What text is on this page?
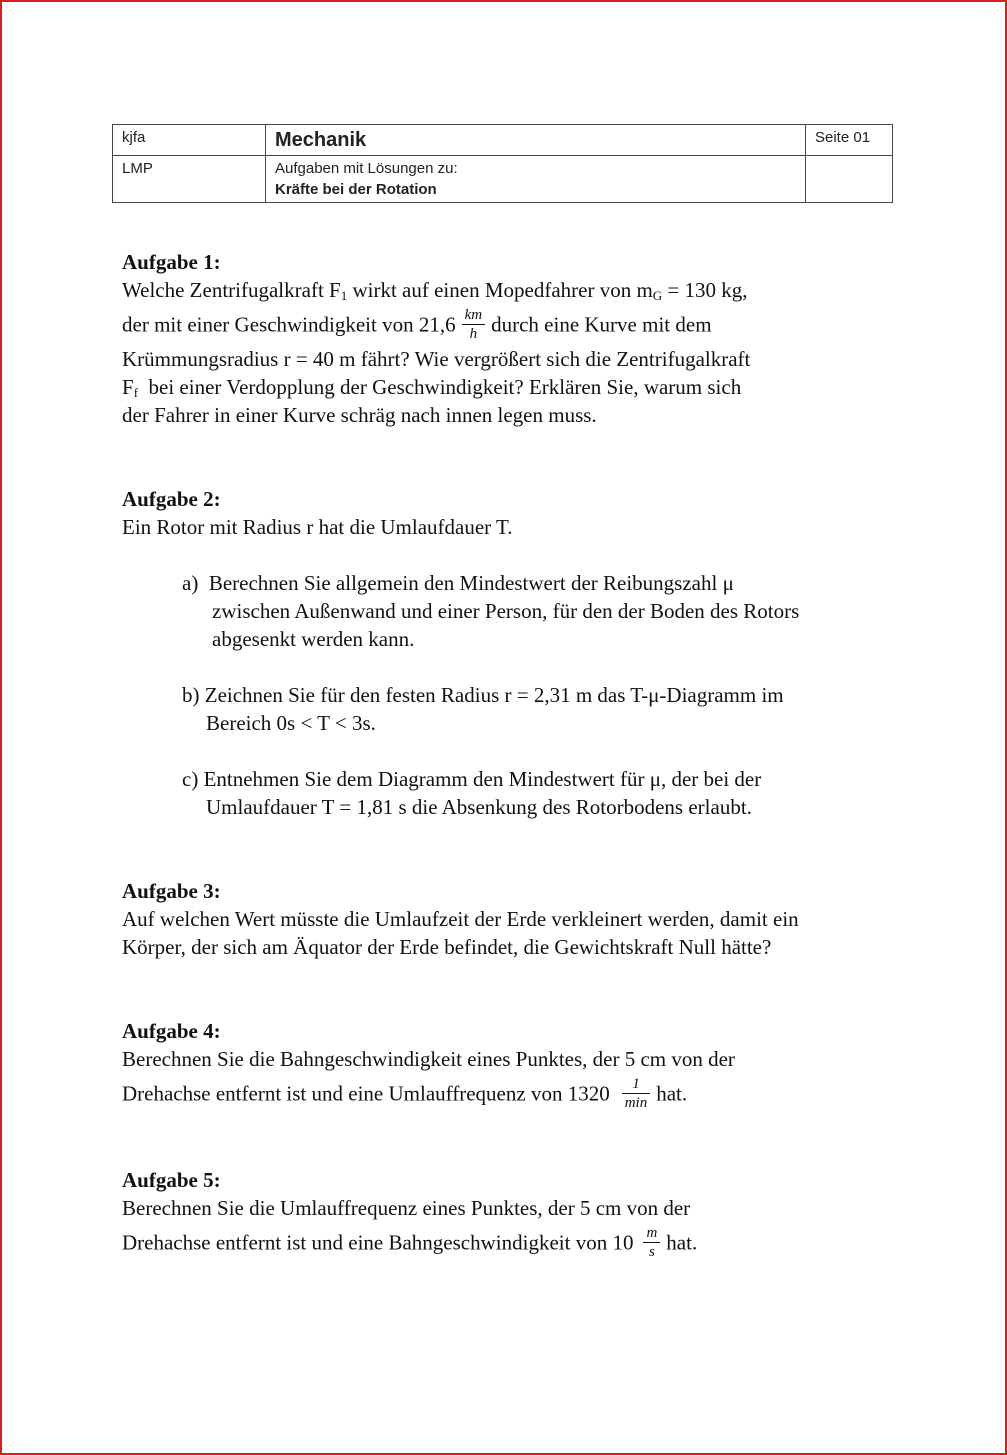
kjfa	Mechanik	Seite 01
LMP	Aufgaben mit Lösungen zu:
Kräfte bei der Rotation	

Aufgabe 1:
Welche Zentrifugalkraft $F_1$ wirkt auf einen Mopedfahrer von $m_G = 130$ kg,
der mit einer Geschwindigkeit von $21,6 \frac{km}{h}$ durch eine Kurve mit dem
Krümmungsradius r = 40 m fährt? Wie vergrößert sich die Zentrifugalkraft
$F_f$  bei einer Verdopplung der Geschwindigkeit? Erklären Sie, warum sich
der Fahrer in einer Kurve schräg nach innen legen muss.
Aufgabe 2:
Ein Rotor mit Radius r hat die Umlaufdauer T.
a)  Berechnen Sie allgemein den Mindestwert der Reibungszahl μ
zwischen Außenwand und einer Person, für den der Boden des Rotors
abgesenkt werden kann.
b) Zeichnen Sie für den festen Radius r = 2,31 m das T-μ-Diagramm im
Bereich 0s < T < 3s.
c) Entnehmen Sie dem Diagramm den Mindestwert für μ, der bei der
Umlaufdauer T = 1,81 s die Absenkung des Rotorbodens erlaubt.
Aufgabe 3:
Auf welchen Wert müsste die Umlaufzeit der Erde verkleinert werden, damit ein
Körper, der sich am Äquator der Erde befindet, die Gewichtskraft Null hätte?
Aufgabe 4:
Berechnen Sie die Bahngeschwindigkeit eines Punktes, der 5 cm von der
Drehachse entfernt ist und eine Umlauffrequenz von $1320 \frac{1}{\min}$ hat.
Aufgabe 5:
Berechnen Sie die Umlauffrequenz eines Punktes, der 5 cm von der
Drehachse entfernt ist und eine Bahngeschwindigkeit von $10 \frac{m}{s}$ hat.
